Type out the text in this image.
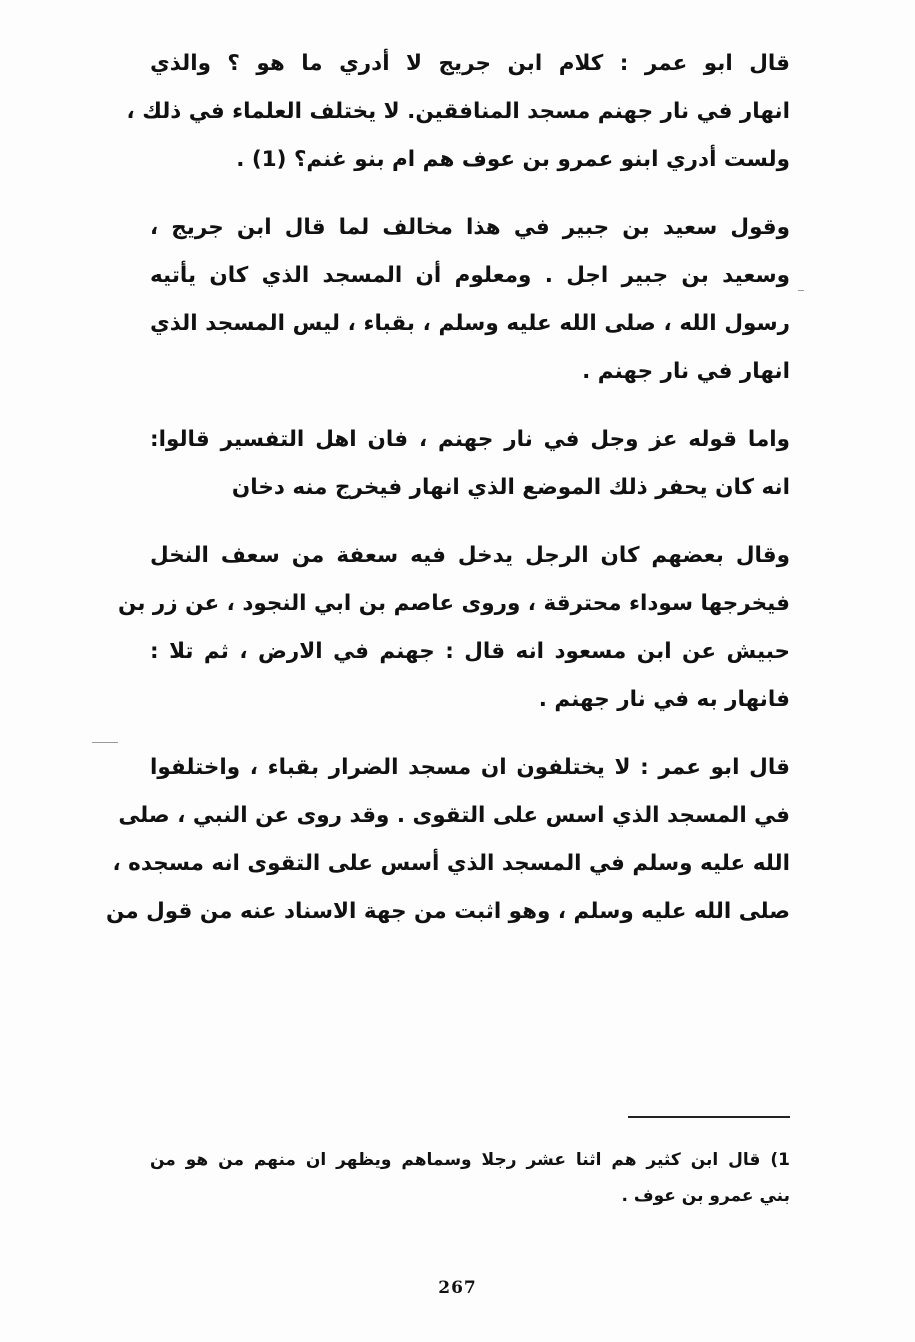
قال ابو عمر : كلام ابن جريج لا أدري ما هو ؟ والذي
انهار في نار جهنم مسجد المنافقين. لا يختلف العلماء في ذلك ،
ولست أدري ابنو عمرو بن عوف هم ام بنو غنم؟ (1) .
وقول سعيد بن جبير في هذا مخالف لما قال ابن جريج ،
وسعيد بن جبير اجل . ومعلوم أن المسجد الذي كان يأتيه
رسول الله ، صلى الله عليه وسلم ، بقباء ، ليس المسجد الذي
انهار في نار جهنم .
واما قوله عز وجل في نار جهنم ، فان اهل التفسير قالوا:
انه كان يحفر ذلك الموضع الذي انهار فيخرج منه دخان
وقال بعضهم كان الرجل يدخل فيه سعفة من سعف النخل
فيخرجها سوداء محترقة ، وروى عاصم بن ابي النجود ، عن زر بن
حبيش عن ابن مسعود انه قال : جهنم في الارض ، ثم تلا :
فانهار به في نار جهنم .
قال ابو عمر : لا يختلفون ان مسجد الضرار بقباء ، واختلفوا
في المسجد الذي اسس على التقوى . وقد روى عن النبي ، صلى
الله عليه وسلم في المسجد الذي أسس على التقوى انه مسجده ،
صلى الله عليه وسلم ، وهو اثبت من جهة الاسناد عنه من قول من
1) قال ابن كثير هم اثنا عشر رجلا وسماهم ويظهر ان منهم من هو من
بني عمرو بن عوف .
267
